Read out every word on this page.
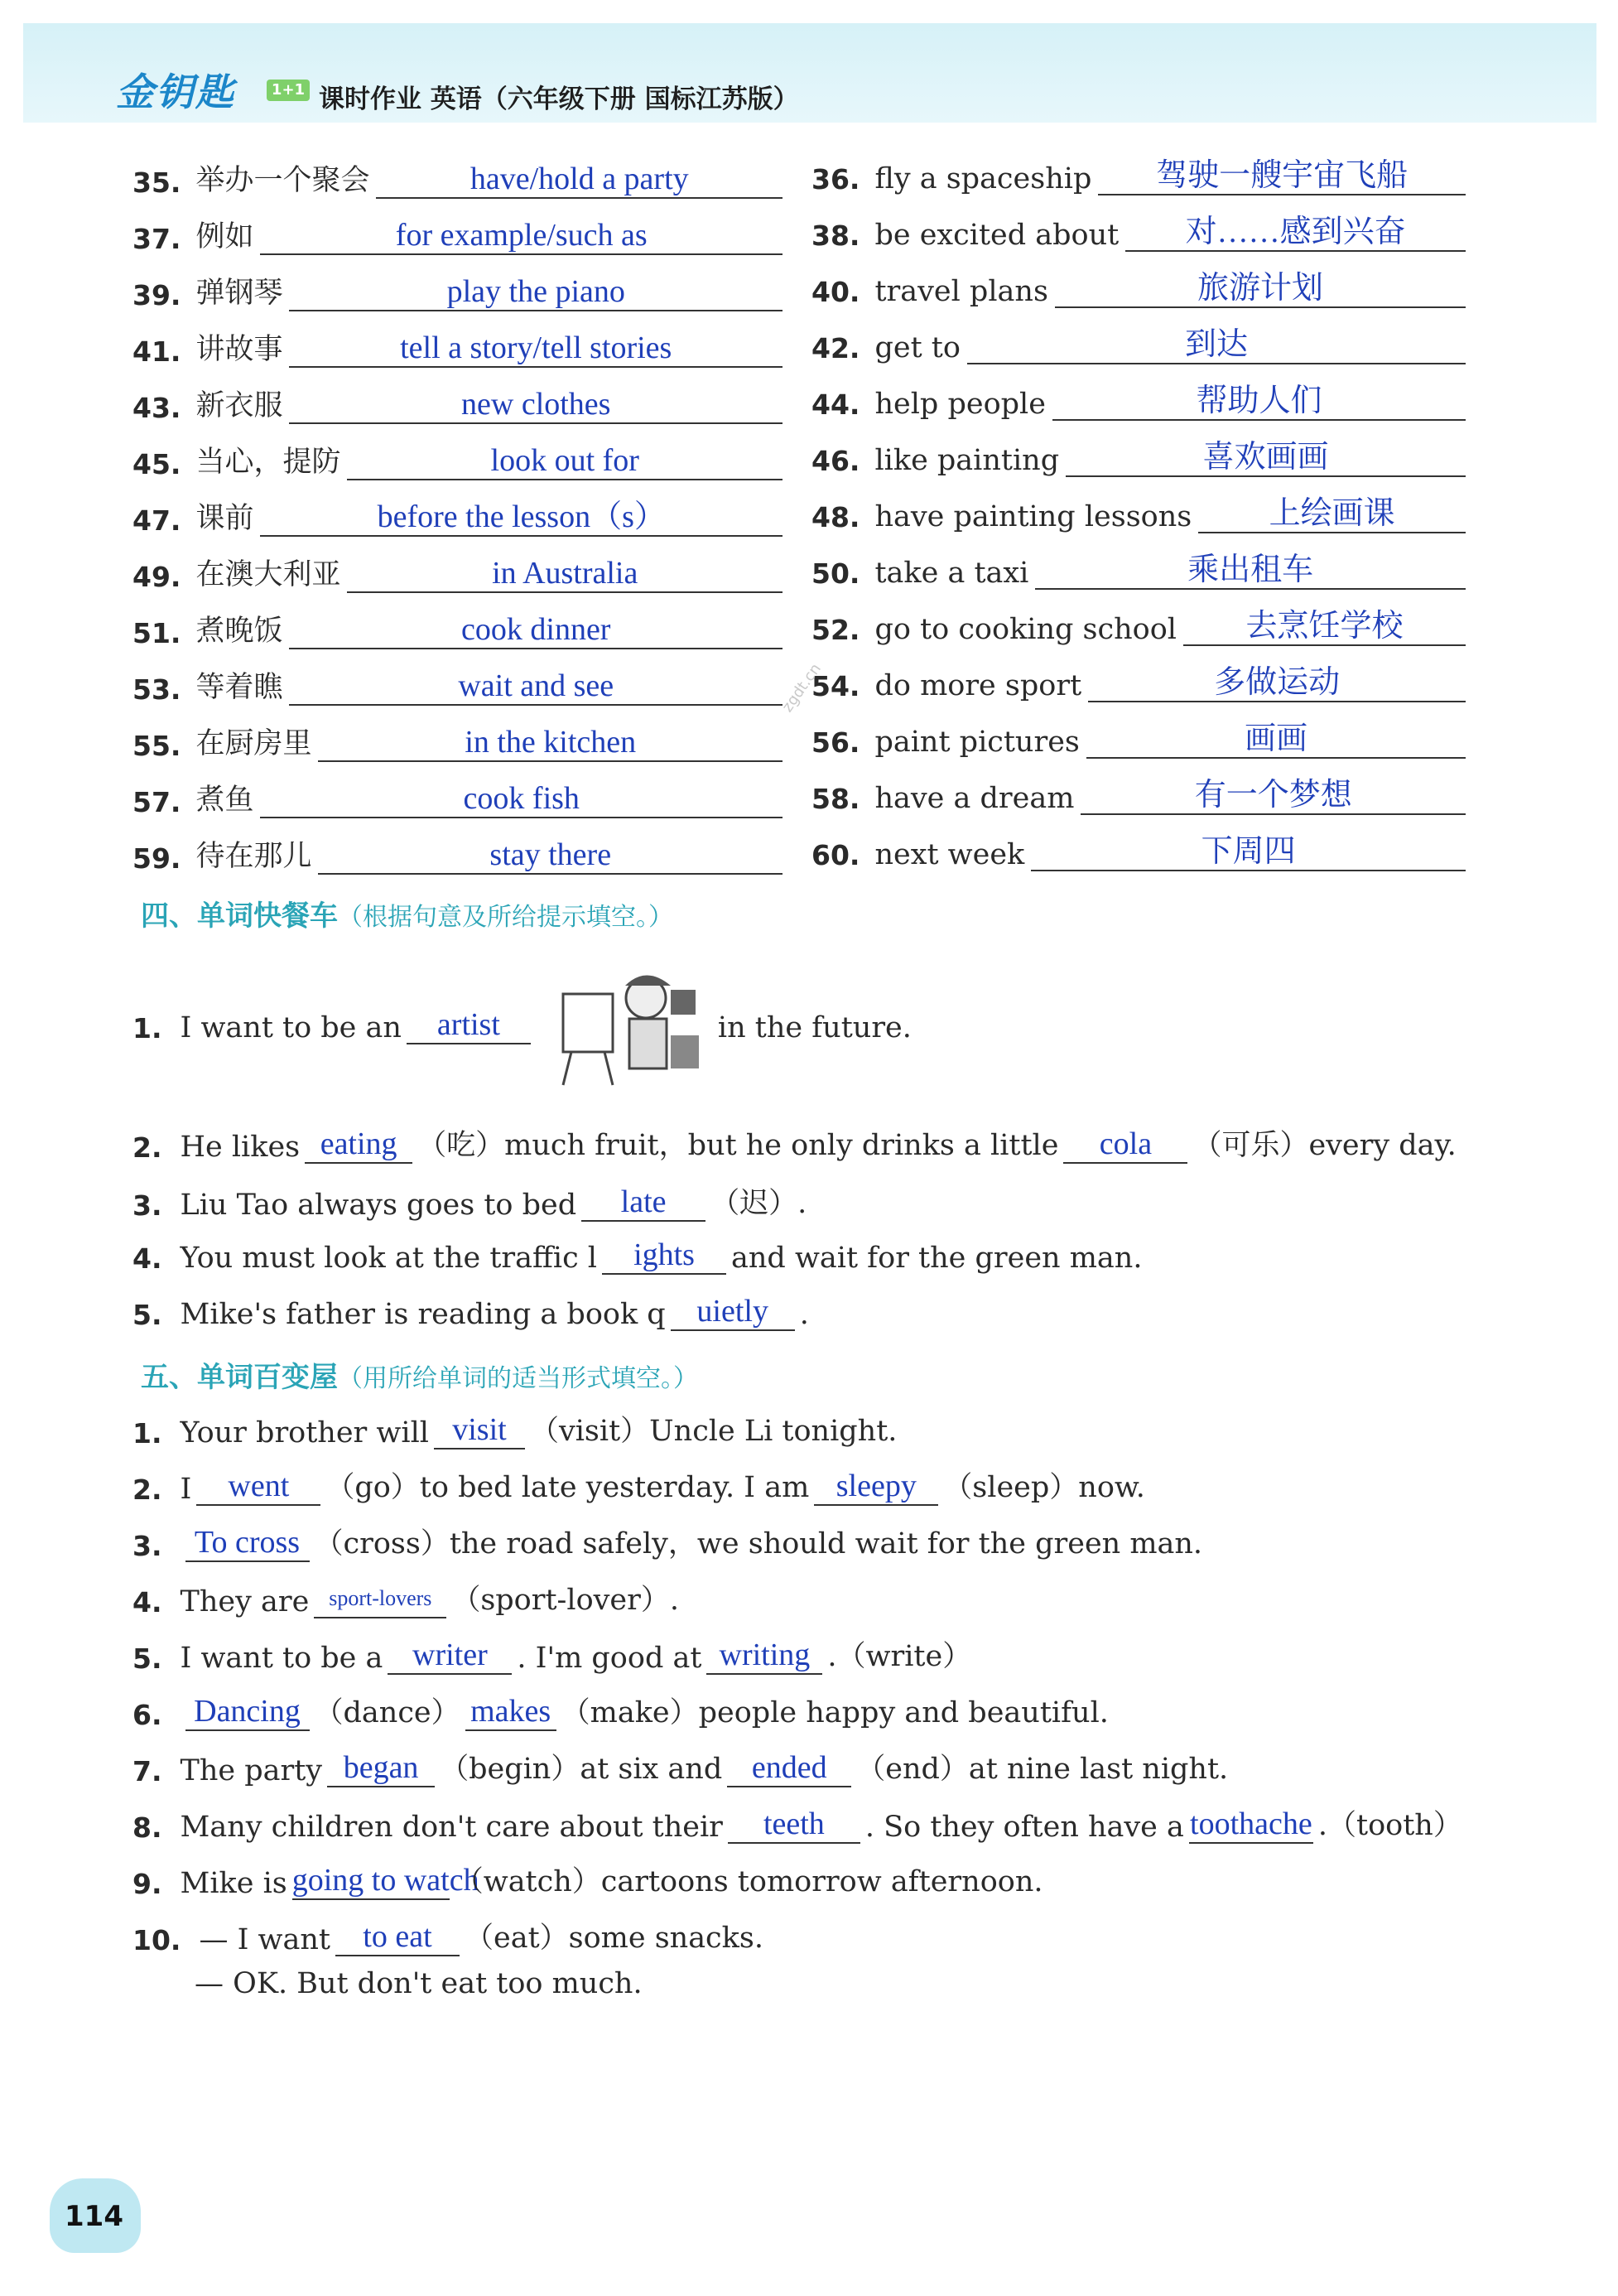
金钥匙	1+1 课时作业 英语（六年级下册 国标江苏版）
35. 举办一个聚会	have/hold a party	36. fly a spaceship	驾驶一艘宇宙飞船
37. 例如	for example/such as	38. be excited about	对……感到兴奋
39. 弹钢琴	play the piano	40. travel plans	旅游计划
41. 讲故事	tell a story/tell stories	42. get to	到达
43. 新衣服	new clothes	44. help people	帮助人们
45. 当心，提防	look out for	46. like painting	喜欢画画
47. 课前	before the lesson（s）	48. have painting lessons	上绘画课
49. 在澳大利亚	in Australia	50. take a taxi	乘出租车
51. 煮晚饭	cook dinner	52. go to cooking school	去烹饪学校
53. 等着瞧	wait and see	54. do more sport	多做运动
55. 在厨房里	in the kitchen	56. paint pictures	画画
57. 煮鱼	cook fish	58. have a dream	有一个梦想
59. 待在那儿	stay there	60. next week	下周四
zgdt.cn
四、单词快餐车（根据句意及所给提示填空。）
1. I want to be an	artist	in the future.
2. He likes eating （吃）much fruit，but he only drinks a little	cola	（可乐）every day.
3. Liu Tao always goes to bed	late	（迟）.
4. You must look at the traffic l	ights	and wait for the green man.
5. Mike's father is reading a book q uietly	.
五、单词百变屋（用所给单词的适当形式填空。）
1. Your brother will visit （visit）Uncle Li tonight.
2. I	went	（go）to bed late yesterday. I am sleepy （sleep）now.
3.	To cross （cross）the road safely，we should wait for the green man.
4. They are sport-lovers （sport-lover）.
5. I want to be a writer	. I'm good at writing .（write）
6. Dancing （dance） makes （make）people happy and beautiful.
7. The party began （begin）at six and ended	（end）at nine last night.
8. Many children don't care about their	teeth	. So they often have a toothache .（tooth）
9. Mike is going to watch
（watch）cartoons tomorrow afternoon.
10. — I want	to eat	（eat）some snacks.
— OK. But don't eat too much.
114
